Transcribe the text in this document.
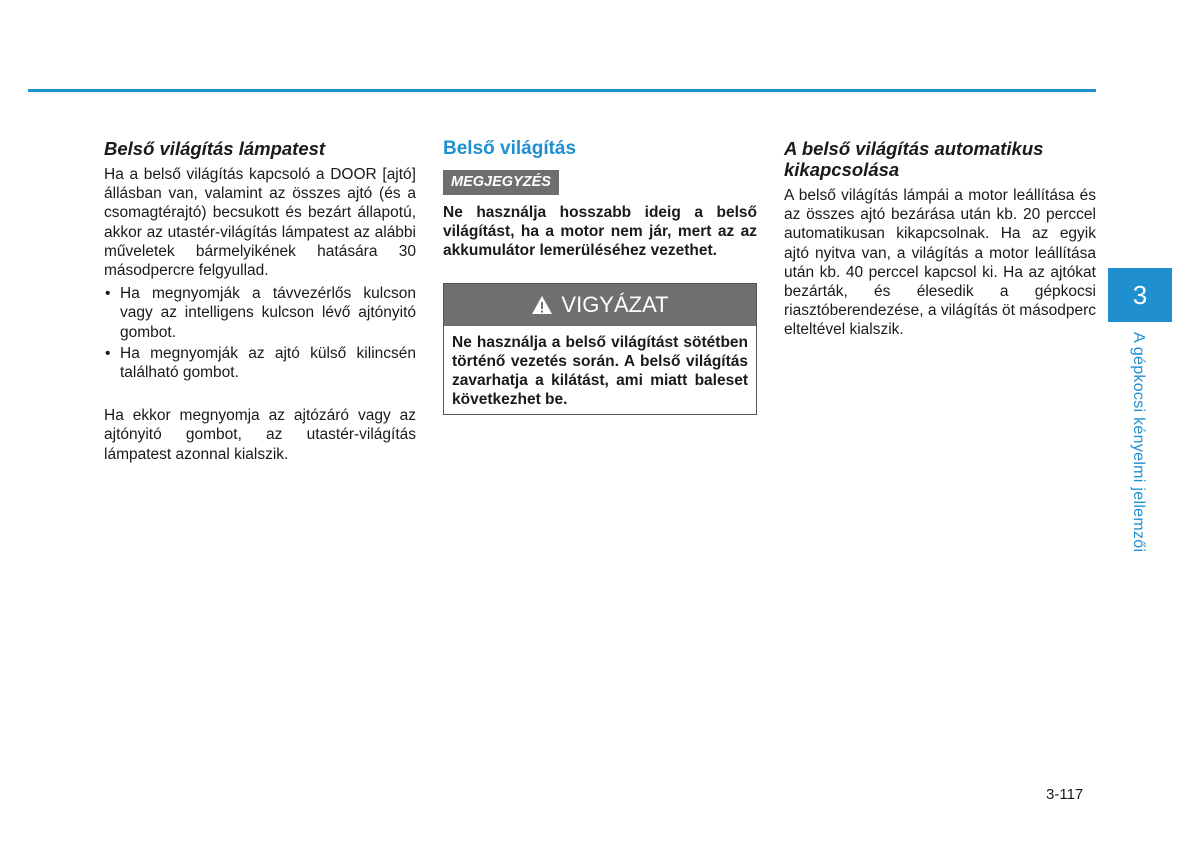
Belső világítás lámpatest

Ha a belső világítás kapcsoló a DOOR [ajtó] állásban van, valamint az összes ajtó (és a csomagtérajtó) becsukott és bezárt állapotú, akkor az utastér-világítás lámpatest az alábbi műveletek bármelyikének hatására 30 másodpercre felgyullad.

• Ha megnyomják a távvezérlős kulcson vagy az intelligens kulcson lévő ajtónyitó gombot.
• Ha megnyomják az ajtó külső kilincsén található gombot.

Ha ekkor megnyomja az ajtózáró vagy az ajtónyitó gombot, az utastér-világítás lámpatest azonnal kialszik.

Belső világítás
MEGJEGYZÉS

Ne használja hosszabb ideig a belső világítást, ha a motor nem jár, mert az az akkumulátor lemerüléséhez vezethet.

VIGYÁZAT
Ne használja a belső világítást sötétben történő vezetés során. A belső világítás zavarhatja a kilátást, ami miatt baleset következhet be.
A belső világítás automatikus kikapcsolása

A belső világítás lámpái a motor leállítása és az összes ajtó bezárása után kb. 20 perccel automatikusan kikapcsolnak. Ha az egyik ajtó nyitva van, a világítás a motor leállítása után kb. 40 perccel kapcsol ki. Ha az ajtókat bezárták, és élesedik a gépkocsi riasztóberendezése, a világítás öt másodperc elteltével kialszik.

3
A gépkocsi kényelmi jellemzői
3-117
